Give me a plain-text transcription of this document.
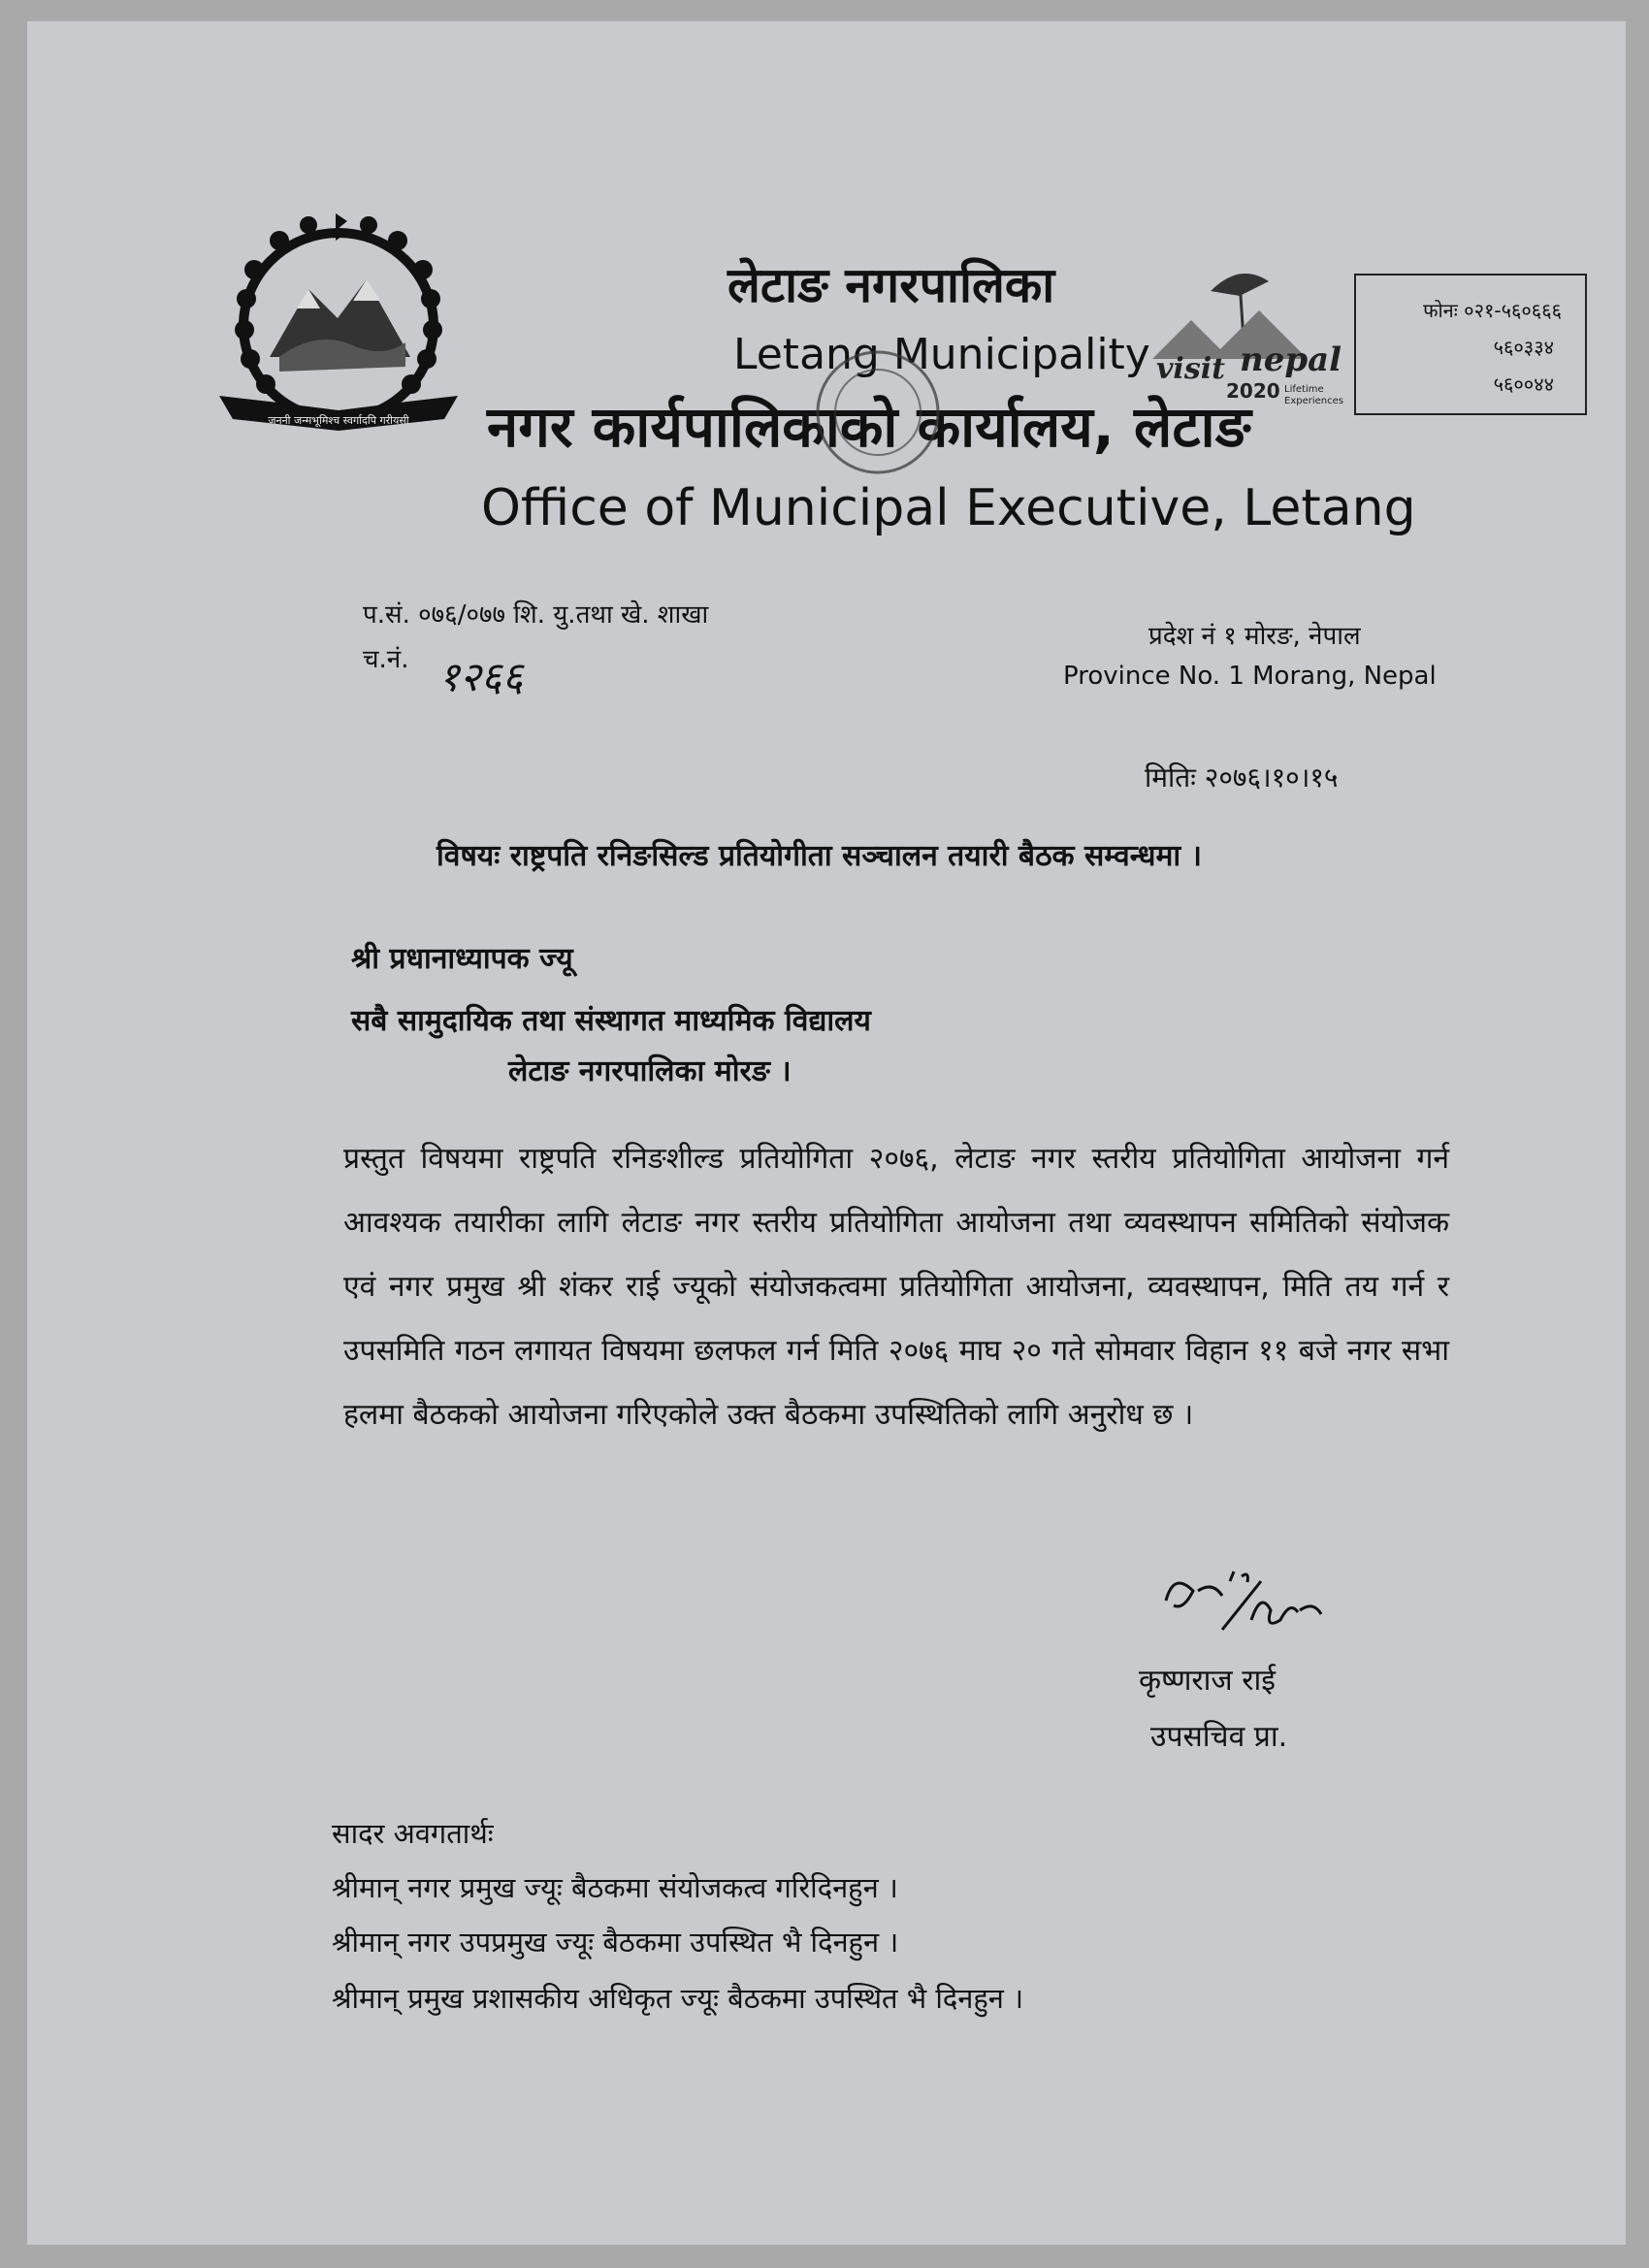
जननी जन्मभूमिश्च स्वर्गादपि गरीयसी
लेटाङ नगरपालिका
Letang Municipality visit nepal
2020 Lifetime
Experiences
फोनः ०२१-५६०६६६
५६०३३४
५६००४४
नगर कार्यपालिकाको कार्यालय, लेटाङ
Office of Municipal Executive, Letang
प.सं. ०७६/०७७ शि. यु.तथा खे. शाखा
च.नं. १२६६
प्रदेश नं १ मोरङ, नेपाल
Province No. 1 Morang, Nepal
मितिः २०७६।१०।१५
विषयः राष्ट्रपति रनिङसिल्ड प्रतियोगीता सञ्चालन तयारी बैठक सम्वन्धमा ।
श्री प्रधानाध्यापक ज्यू
सबै सामुदायिक तथा संस्थागत माध्यमिक विद्यालय
लेटाङ नगरपालिका मोरङ ।
प्रस्तुत विषयमा राष्ट्रपति रनिङशील्ड प्रतियोगिता २०७६, लेटाङ नगर स्तरीय प्रतियोगिता आयोजना गर्न आवश्यक तयारीका लागि लेटाङ नगर स्तरीय प्रतियोगिता आयोजना तथा व्यवस्थापन समितिको संयोजक एवं नगर प्रमुख श्री शंकर राई ज्यूको संयोजकत्वमा प्रतियोगिता आयोजना, व्यवस्थापन, मिति तय गर्न र उपसमिति गठन लगायत विषयमा छलफल गर्न मिति २०७६ माघ २० गते सोमवार विहान ११ बजे नगर सभा हलमा बैठकको आयोजना गरिएकोले उक्त बैठकमा उपस्थितिको लागि अनुरोध छ ।
कृष्णराज राई
उपसचिव प्रा.
सादर अवगतार्थः
श्रीमान् नगर प्रमुख ज्यूः बैठकमा संयोजकत्व गरिदिनहुन ।
श्रीमान् नगर उपप्रमुख ज्यूः बैठकमा उपस्थित भै दिनहुन ।
श्रीमान् प्रमुख प्रशासकीय अधिकृत ज्यूः बैठकमा उपस्थित भै दिनहुन ।
